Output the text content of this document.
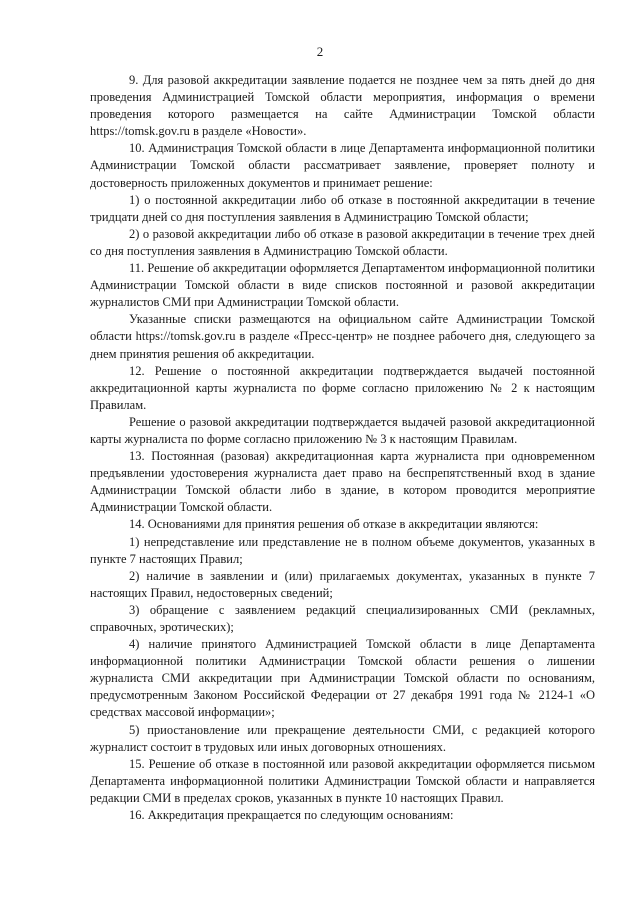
2

9. Для разовой аккредитации заявление подается не позднее чем за пять дней до дня проведения Администрацией Томской области мероприятия, информация о времени проведения которого размещается на сайте Администрации Томской области https://tomsk.gov.ru в разделе «Новости».

10. Администрация Томской области в лице Департамента информационной политики Администрации Томской области рассматривает заявление, проверяет полноту и достоверность приложенных документов и принимает решение:

1) о постоянной аккредитации либо об отказе в постоянной аккредитации в течение тридцати дней со дня поступления заявления в Администрацию Томской области;

2) о разовой аккредитации либо об отказе в разовой аккредитации в течение трех дней со дня поступления заявления в Администрацию Томской области.

11. Решение об аккредитации оформляется Департаментом информационной политики Администрации Томской области в виде списков постоянной и разовой аккредитации журналистов СМИ при Администрации Томской области.

Указанные списки размещаются на официальном сайте Администрации Томской области https://tomsk.gov.ru в разделе «Пресс-центр» не позднее рабочего дня, следующего за днем принятия решения об аккредитации.

12. Решение о постоянной аккредитации подтверждается выдачей постоянной аккредитационной карты журналиста по форме согласно приложению № 2 к настоящим Правилам.

Решение о разовой аккредитации подтверждается выдачей разовой аккредитационной карты журналиста по форме согласно приложению № 3 к настоящим Правилам.

13. Постоянная (разовая) аккредитационная карта журналиста при одновременном предъявлении удостоверения журналиста дает право на беспрепятственный вход в здание Администрации Томской области либо в здание, в котором проводится мероприятие Администрации Томской области.

14. Основаниями для принятия решения об отказе в аккредитации являются:

1) непредставление или представление не в полном объеме документов, указанных в пункте 7 настоящих Правил;

2) наличие в заявлении и (или) прилагаемых документах, указанных в пункте 7 настоящих Правил, недостоверных сведений;

3) обращение с заявлением редакций специализированных СМИ (рекламных, справочных, эротических);

4) наличие принятого Администрацией Томской области в лице Департамента информационной политики Администрации Томской области решения о лишении журналиста СМИ аккредитации при Администрации Томской области по основаниям, предусмотренным Законом Российской Федерации от 27 декабря 1991 года № 2124-1 «О средствах массовой информации»;

5) приостановление или прекращение деятельности СМИ, с редакцией которого журналист состоит в трудовых или иных договорных отношениях.

15. Решение об отказе в постоянной или разовой аккредитации оформляется письмом Департамента информационной политики Администрации Томской области и направляется редакции СМИ в пределах сроков, указанных в пункте 10 настоящих Правил.

16. Аккредитация прекращается по следующим основаниям:
